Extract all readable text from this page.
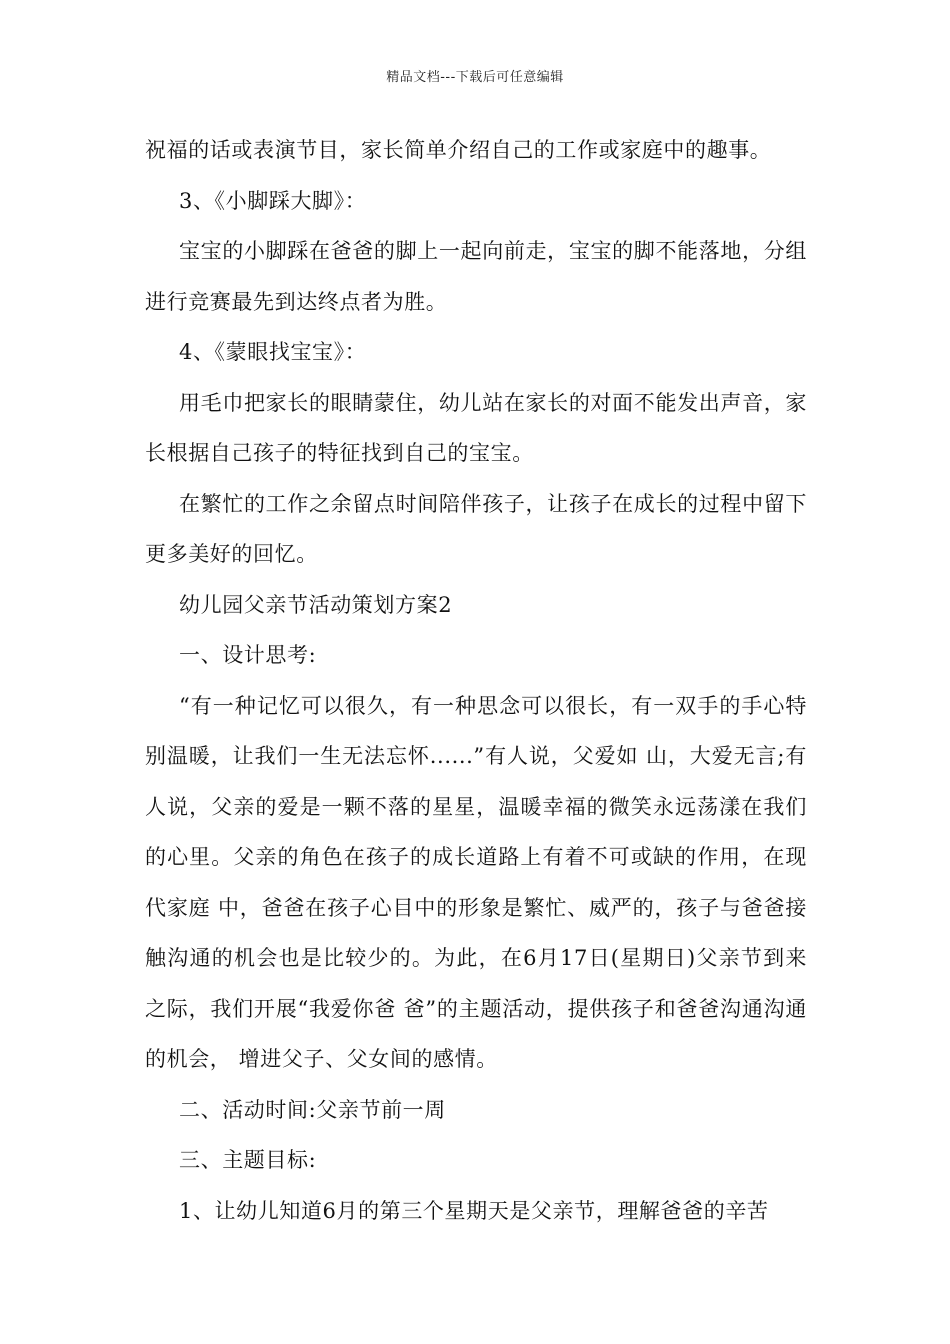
精品文档---下载后可任意编辑

祝福的话或表演节目，家长简单介绍自己的工作或家庭中的趣事。

3、《小脚踩大脚》：

宝宝的小脚踩在爸爸的脚上一起向前走，宝宝的脚不能落地，分组进行竞赛最先到达终点者为胜。

4、《蒙眼找宝宝》：

用毛巾把家长的眼睛蒙住，幼儿站在家长的对面不能发出声音，家长根据自己孩子的特征找到自己的宝宝。

在繁忙的工作之余留点时间陪伴孩子，让孩子在成长的过程中留下更多美好的回忆。

幼儿园父亲节活动策划方案2

一、设计思考:

“有一种记忆可以很久，有一种思念可以很长，有一双手的手心特别温暖，让我们一生无法忘怀......”有人说，父爱如 山，大爱无言;有人说，父亲的爱是一颗不落的星星，温暖幸福的微笑永远荡漾在我们的心里。父亲的角色在孩子的成长道路上有着不可或缺的作用，在现代家庭 中，爸爸在孩子心目中的形象是繁忙、威严的，孩子与爸爸接触沟通的机会也是比较少的。为此，在6月17日(星期日)父亲节到来之际，我们开展“我爱你爸 爸”的主题活动，提供孩子和爸爸沟通沟通的机会， 增进父子、父女间的感情。

二、活动时间:父亲节前一周

三、主题目标:

1、让幼儿知道6月的第三个星期天是父亲节，理解爸爸的辛苦
